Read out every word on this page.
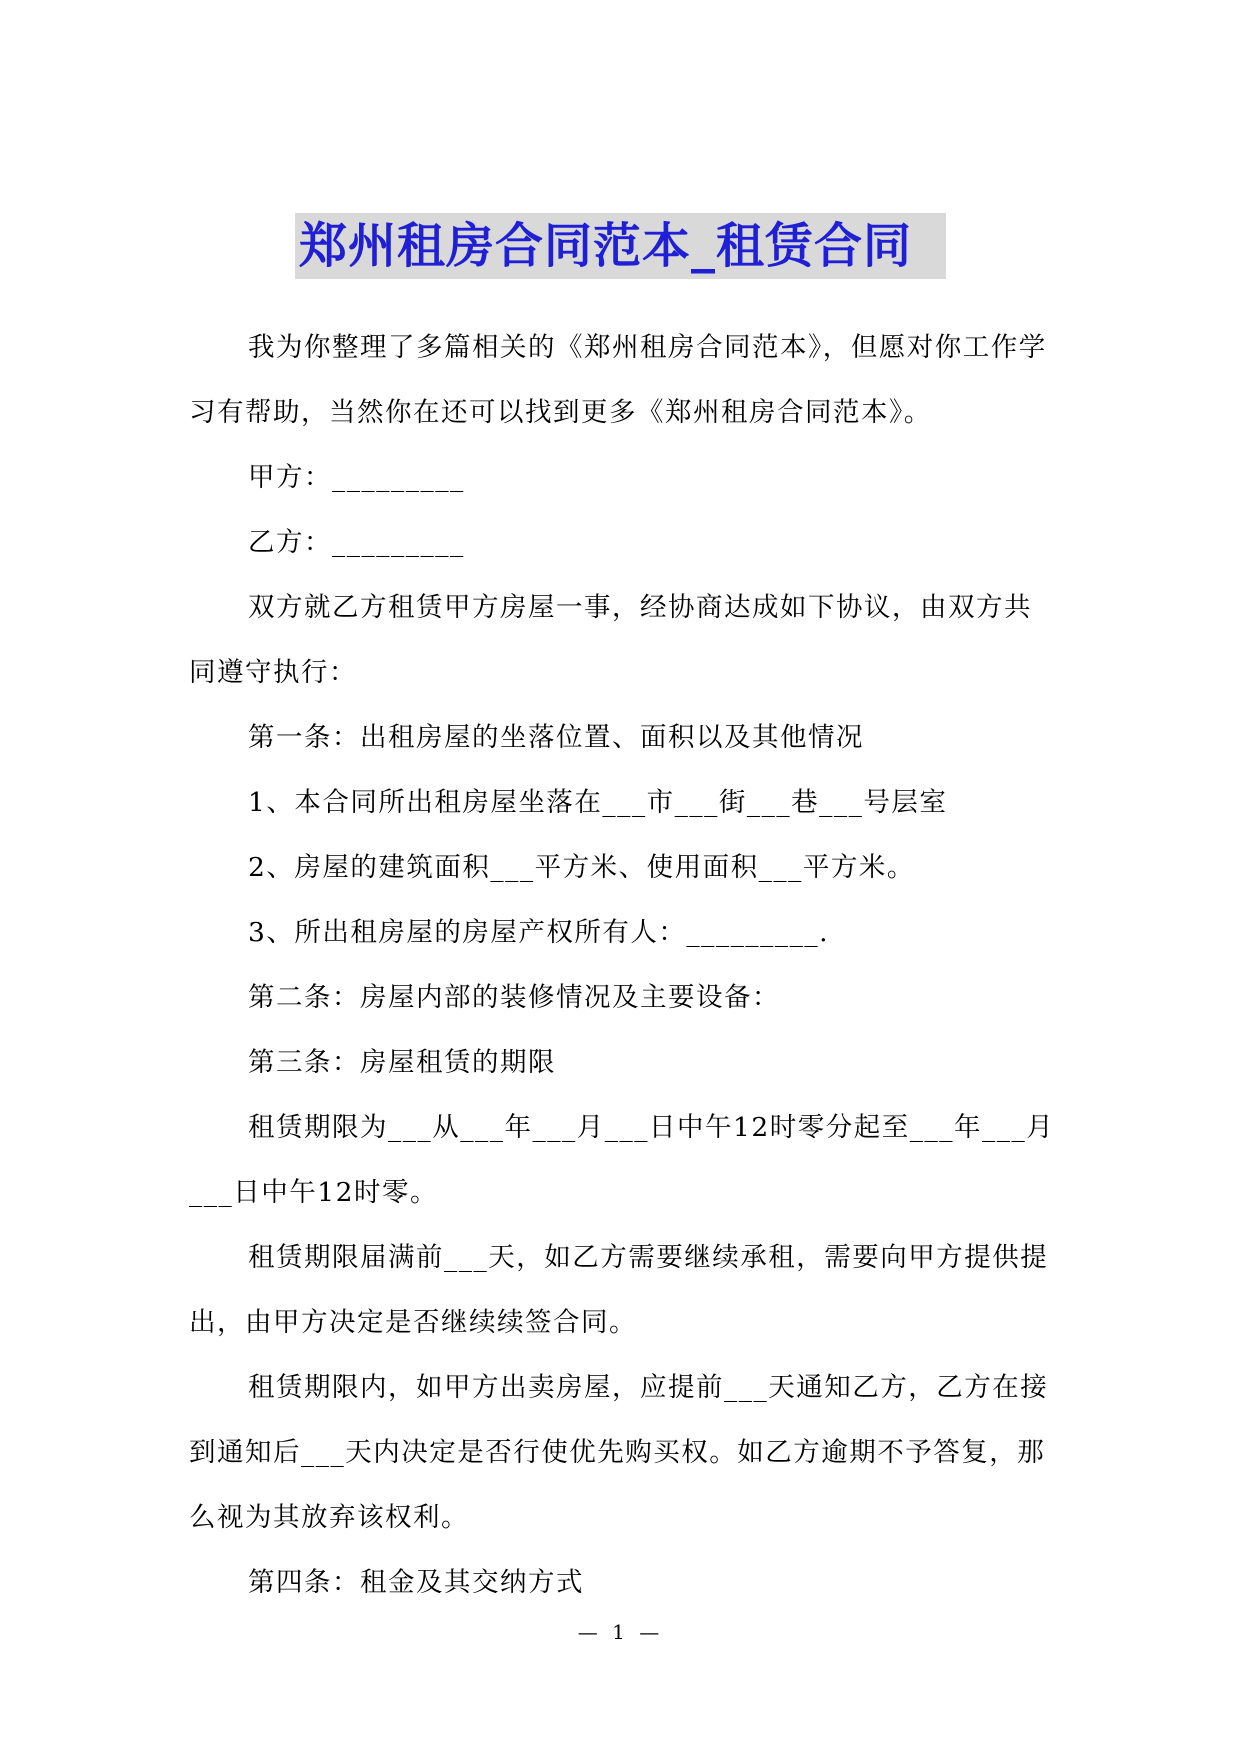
郑州租房合同范本_租赁合同

我为你整理了多篇相关的《郑州租房合同范本》，但愿对你工作学习有帮助，当然你在还可以找到更多《郑州租房合同范本》。

甲方：_________

乙方：_________

双方就乙方租赁甲方房屋一事，经协商达成如下协议，由双方共同遵守执行：

第一条：出租房屋的坐落位置、面积以及其他情况

1、本合同所出租房屋坐落在___市___街___巷___号层室

2、房屋的建筑面积___平方米、使用面积___平方米。

3、所出租房屋的房屋产权所有人：_________.

第二条：房屋内部的装修情况及主要设备：

第三条：房屋租赁的期限

租赁期限为___从___年___月___日中午12时零分起至___年___月___日中午12时零。

租赁期限届满前___天，如乙方需要继续承租，需要向甲方提供提出，由甲方决定是否继续续签合同。

租赁期限内，如甲方出卖房屋，应提前___天通知乙方，乙方在接到通知后___天内决定是否行使优先购买权。如乙方逾期不予答复，那么视为其放弃该权利。

第四条：租金及其交纳方式

— 1 —
